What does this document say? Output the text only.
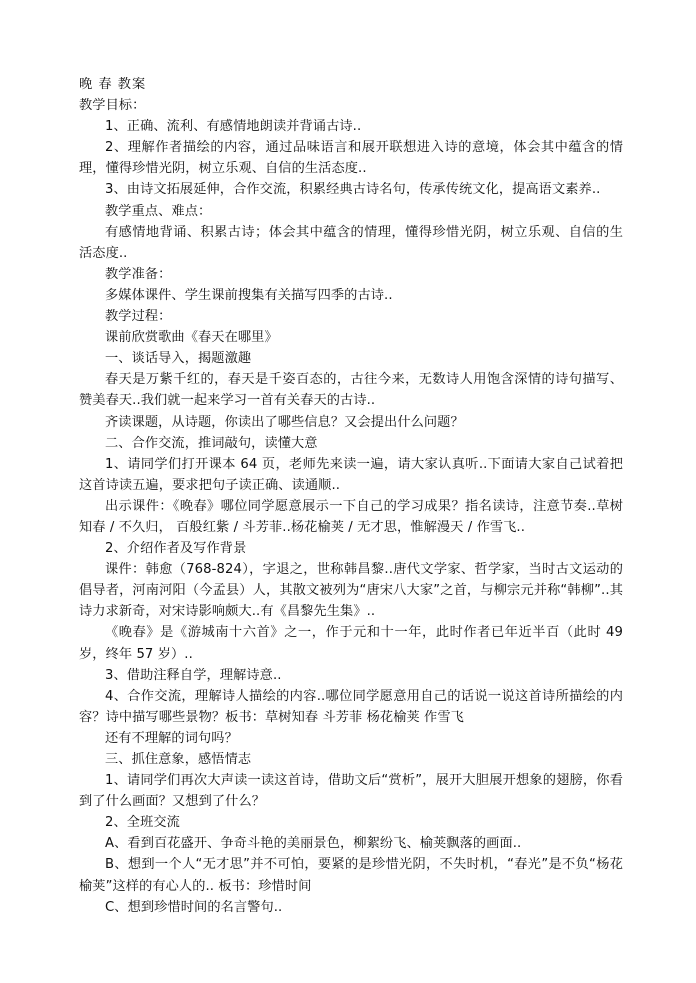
晚 春 教案

教学目标：

1、正确、流利、有感情地朗读并背诵古诗..

2、理解作者描绘的内容，通过品味语言和展开联想进入诗的意境，体会其中蕴含的情理，懂得珍惜光阴，树立乐观、自信的生活态度..

3、由诗文拓展延伸，合作交流，积累经典古诗名句，传承传统文化，提高语文素养..

教学重点、难点：

有感情地背诵、积累古诗；体会其中蕴含的情理，懂得珍惜光阴，树立乐观、自信的生活态度..

教学准备：

多媒体课件、学生课前搜集有关描写四季的古诗..

教学过程：

课前欣赏歌曲《春天在哪里》

一、谈话导入，揭题激趣

春天是万紫千红的，春天是千姿百态的，古往今来，无数诗人用饱含深情的诗句描写、赞美春天..我们就一起来学习一首有关春天的古诗..

齐读课题，从诗题，你读出了哪些信息？又会提出什么问题？

二、合作交流，推词敲句，读懂大意

1、请同学们打开课本 64 页，老师先来读一遍，请大家认真听..下面请大家自己试着把这首诗读五遍，要求把句子读正确、读通顺..

出示课件：《晚春》哪位同学愿意展示一下自己的学习成果？指名读诗，注意节奏..草树知春 / 不久归， 百般红紫 / 斗芳菲..杨花榆荚 / 无才思，惟解漫天 / 作雪飞..

2、介绍作者及写作背景

课件：韩愈（768-824），字退之，世称韩昌黎..唐代文学家、哲学家，当时古文运动的倡导者，河南河阳（今孟县）人，其散文被列为“唐宋八大家”之首，与柳宗元并称“韩柳”..其诗力求新奇，对宋诗影响颇大..有《昌黎先生集》..

《晚春》是《游城南十六首》之一，作于元和十一年，此时作者已年近半百（此时 49 岁，终年 57 岁）..

3、借助注释自学，理解诗意..

4、合作交流，理解诗人描绘的内容..哪位同学愿意用自己的话说一说这首诗所描绘的内容？诗中描写哪些景物？板书：草树知春 斗芳菲 杨花榆荚 作雪飞

还有不理解的词句吗？

三、抓住意象，感悟情志

1、请同学们再次大声读一读这首诗，借助文后“赏析”，展开大胆展开想象的翅膀，你看到了什么画面？又想到了什么？

2、全班交流

A、看到百花盛开、争奇斗艳的美丽景色，柳絮纷飞、榆荚飘落的画面..

B、想到一个人“无才思”并不可怕，要紧的是珍惜光阴，不失时机，“春光”是不负“杨花榆荚”这样的有心人的.. 板书：珍惜时间

C、想到珍惜时间的名言警句..
